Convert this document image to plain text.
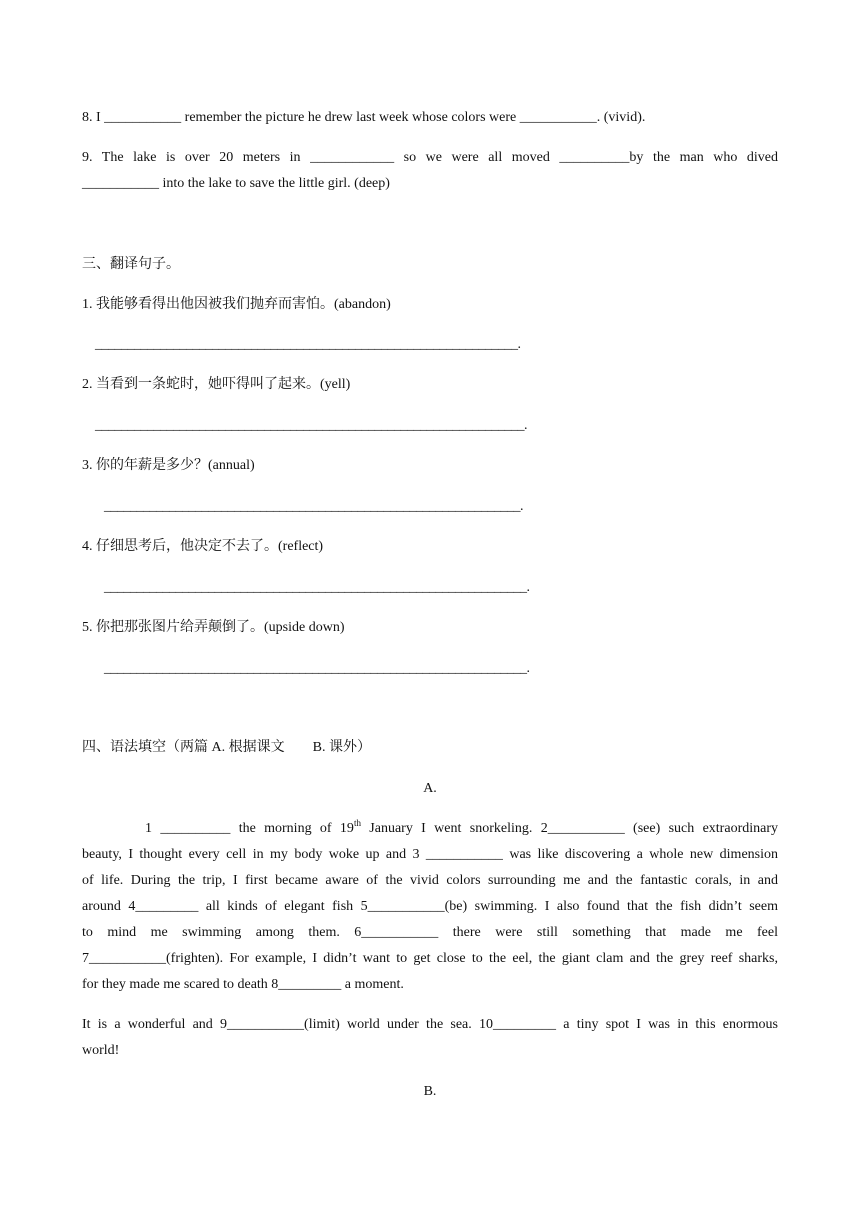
8. I ___________ remember the picture he drew last week whose colors were ___________. (vivid).
9. The lake is over 20 meters in ____________ so we were all moved __________by the man who dived
___________ into the lake to save the little girl. (deep)
三、翻译句子。
1. 我能够看得出他因被我们抛弃而害怕。(abandon)
_________________________________________________________________.
2. 当看到一条蛇时，她吓得叫了起来。(yell)
__________________________________________________________________.
3. 你的年薪是多少？(annual)
________________________________________________________________.
4. 仔细思考后，他决定不去了。(reflect)
_________________________________________________________________.
5. 你把那张图片给弄颠倒了。(upside down)
_________________________________________________________________.
四、语法填空（两篇 A. 根据课文　　B. 课外）
A.
1 __________ the morning of 19th January I went snorkeling. 2___________ (see) such extraordinary
beauty, I thought every cell in my body woke up and 3 ___________ was like discovering a whole new dimension
of life. During the trip, I first became aware of the vivid colors surrounding me and the fantastic corals, in and
around 4_________ all kinds of elegant fish 5___________(be) swimming. I also found that the fish didn’t seem
to mind me swimming among them. 6___________ there were still something that made me feel
7___________(frighten). For example, I didn’t want to get close to the eel, the giant clam and the grey reef sharks,
for they made me scared to death 8_________ a moment.
It is a wonderful and 9___________(limit) world under the sea. 10_________ a tiny spot I was in this enormous
world!
B.
